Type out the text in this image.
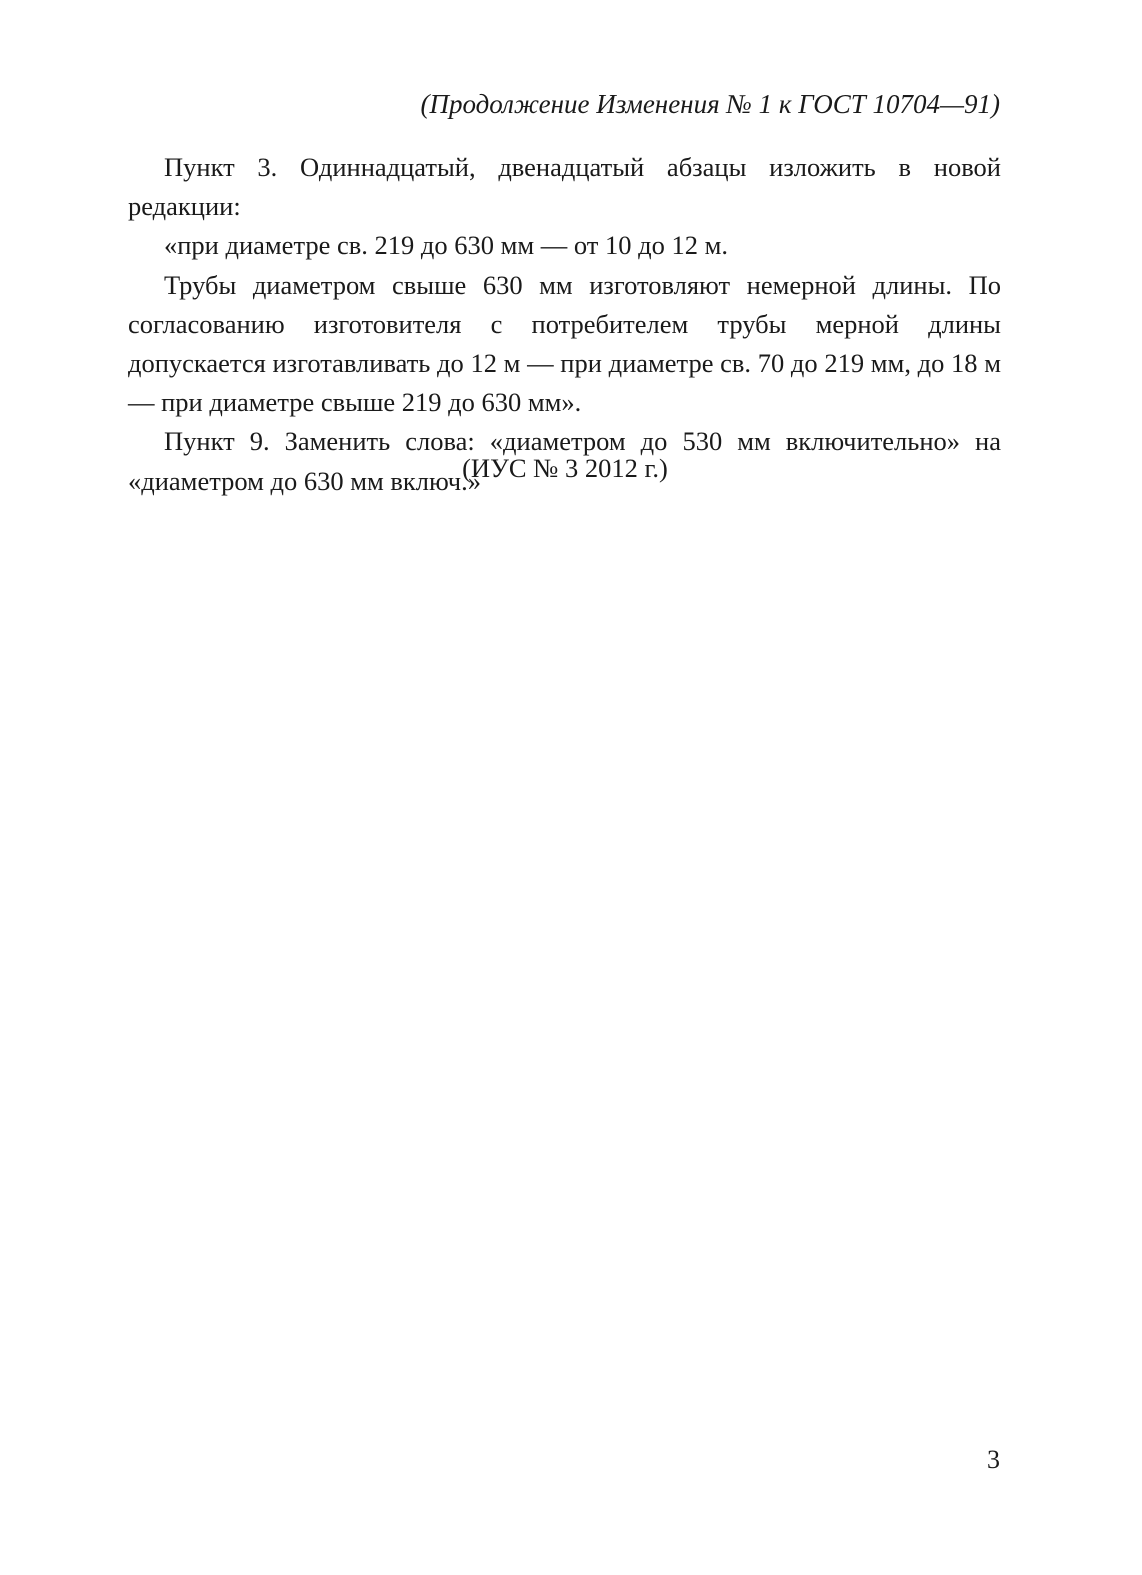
(Продолжение Изменения № 1 к ГОСТ 10704—91)

Пункт 3. Одиннадцатый, двенадцатый абзацы изложить в новой редакции:

«при диаметре св. 219 до 630 мм — от 10 до 12 м.

Трубы диаметром свыше 630 мм изготовляют немерной длины. По согласованию изготовителя с потребителем трубы мерной длины допускается изготавливать до 12 м — при диаметре св. 70 до 219 мм, до 18 м — при диаметре свыше 219 до 630 мм».

Пункт 9. Заменить слова: «диаметром до 530 мм включительно» на «диаметром до 630 мм включ.»

(ИУС № 3 2012 г.)
3
